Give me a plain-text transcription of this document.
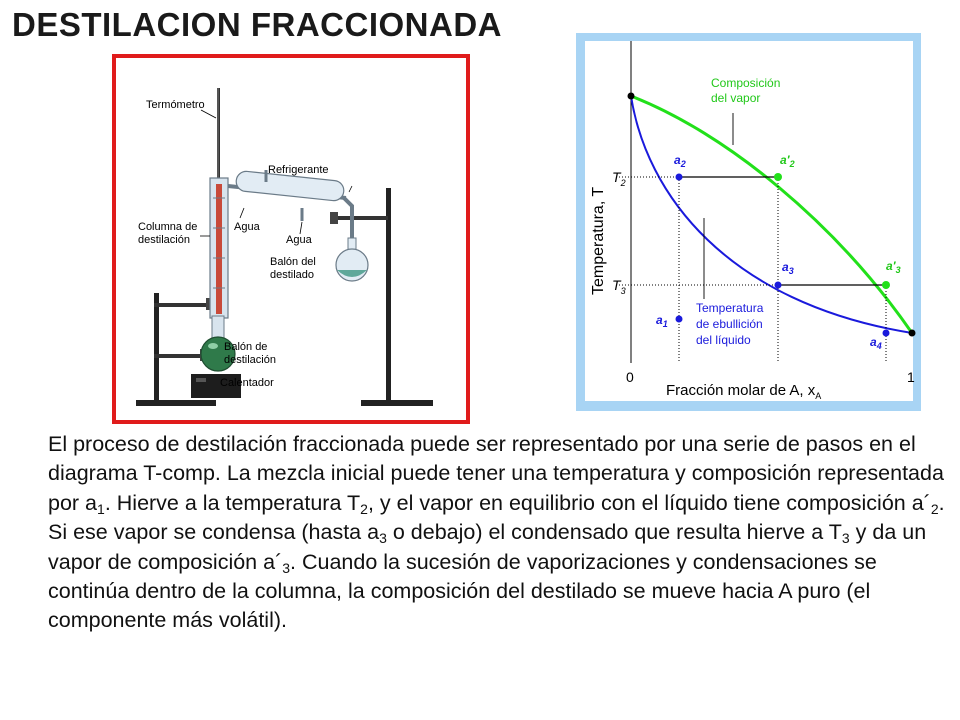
DESTILACION FRACCIONADA
Termómetro
Refrigerante
Columna de
destilación
Agua
Agua
Balón del
destilado
Balón de
destilación
Calentador
Temperatura, T
$T_2$
$T_3$
Composición
del vapor
Temperatura
de ebullición
del líquido
$a_2$	$a'_2$
$a_3$	$a'_3$
$a_4$
$a_1$
0	1
Fracción molar de A, $x_A$
El proceso de destilación fraccionada puede ser representado por una serie de pasos en el diagrama T-comp. La mezcla inicial puede tener una temperatura y composición representada por $a_1$. Hierve a la temperatura $T_2$, y el vapor en equilibrio con el líquido tiene composición $a´_2$. Si ese vapor se condensa (hasta $a_3$ o debajo) el condensado que resulta hierve a $T_3$ y da un vapor de composición $a´_3$. Cuando la sucesión de vaporizaciones y condensaciones se continúa dentro de la columna, la composición del destilado se mueve hacia A puro (el componente más volátil).
